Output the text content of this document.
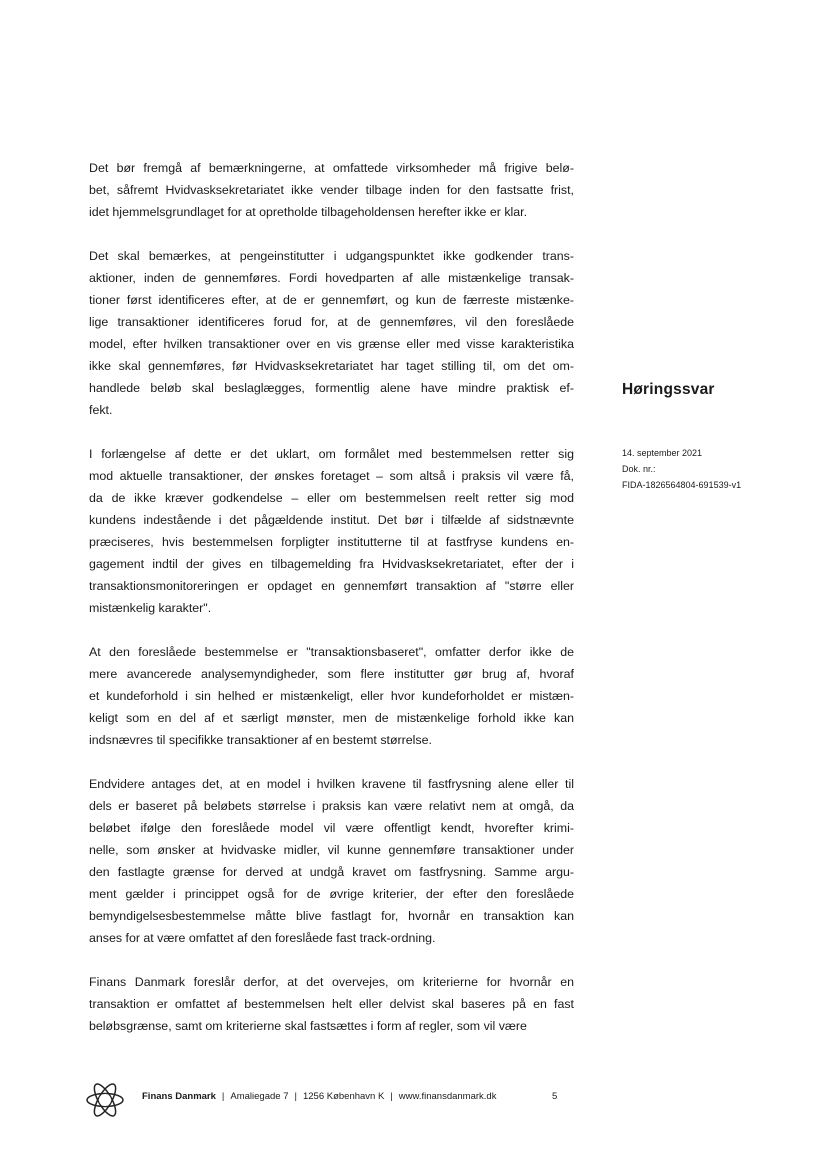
Det bør fremgå af bemærkningerne, at omfattede virksomheder må frigive belø-
bet, såfremt Hvidvasksekretariatet ikke vender tilbage inden for den fastsatte frist,
idet hjemmelsgrundlaget for at opretholde tilbageholdensen herefter ikke er klar.

Det skal bemærkes, at pengeinstitutter i udgangspunktet ikke godkender trans-
aktioner, inden de gennemføres. Fordi hovedparten af alle mistænkelige transak-
tioner først identificeres efter, at de er gennemført, og kun de færreste mistænke-
lige transaktioner identificeres forud for, at de gennemføres, vil den foreslåede
model, efter hvilken transaktioner over en vis grænse eller med visse karakteristika
ikke skal gennemføres, før Hvidvasksekretariatet har taget stilling til, om det om-
handlede beløb skal beslaglægges, formentlig alene have mindre praktisk ef-
fekt.

I forlængelse af dette er det uklart, om formålet med bestemmelsen retter sig
mod aktuelle transaktioner, der ønskes foretaget – som altså i praksis vil være få,
da de ikke kræver godkendelse – eller om bestemmelsen reelt retter sig mod
kundens indestående i det pågældende institut. Det bør i tilfælde af sidstnævnte
præciseres, hvis bestemmelsen forpligter institutterne til at fastfryse kundens en-
gagement indtil der gives en tilbagemelding fra Hvidvasksekretariatet, efter der i
transaktionsmonitoreringen er opdaget en gennemført transaktion af "større eller
mistænkelig karakter".

At den foreslåede bestemmelse er "transaktionsbaseret", omfatter derfor ikke de
mere avancerede analysemyndigheder, som flere institutter gør brug af, hvoraf
et kundeforhold i sin helhed er mistænkeligt, eller hvor kundeforholdet er mistæn-
keligt som en del af et særligt mønster, men de mistænkelige forhold ikke kan
indsnævres til specifikke transaktioner af en bestemt størrelse.

Endvidere antages det, at en model i hvilken kravene til fastfrysning alene eller til
dels er baseret på beløbets størrelse i praksis kan være relativt nem at omgå, da
beløbet ifølge den foreslåede model vil være offentligt kendt, hvorefter krimi-
nelle, som ønsker at hvidvaske midler, vil kunne gennemføre transaktioner under
den fastlagte grænse for derved at undgå kravet om fastfrysning. Samme argu-
ment gælder i princippet også for de øvrige kriterier, der efter den foreslåede
bemyndigelsesbestemmelse måtte blive fastlagt for, hvornår en transaktion kan
anses for at være omfattet af den foreslåede fast track-ordning.

Finans Danmark foreslår derfor, at det overvejes, om kriterierne for hvornår en
transaktion er omfattet af bestemmelsen helt eller delvist skal baseres på en fast
beløbsgrænse, samt om kriterierne skal fastsættes i form af regler, som vil være

Høringssvar

14. september 2021
Dok. nr.:
FIDA-1826564804-691539-v1
Finans Danmark | Amaliegade 7 | 1256 København K | www.finansdanmark.dk	5
